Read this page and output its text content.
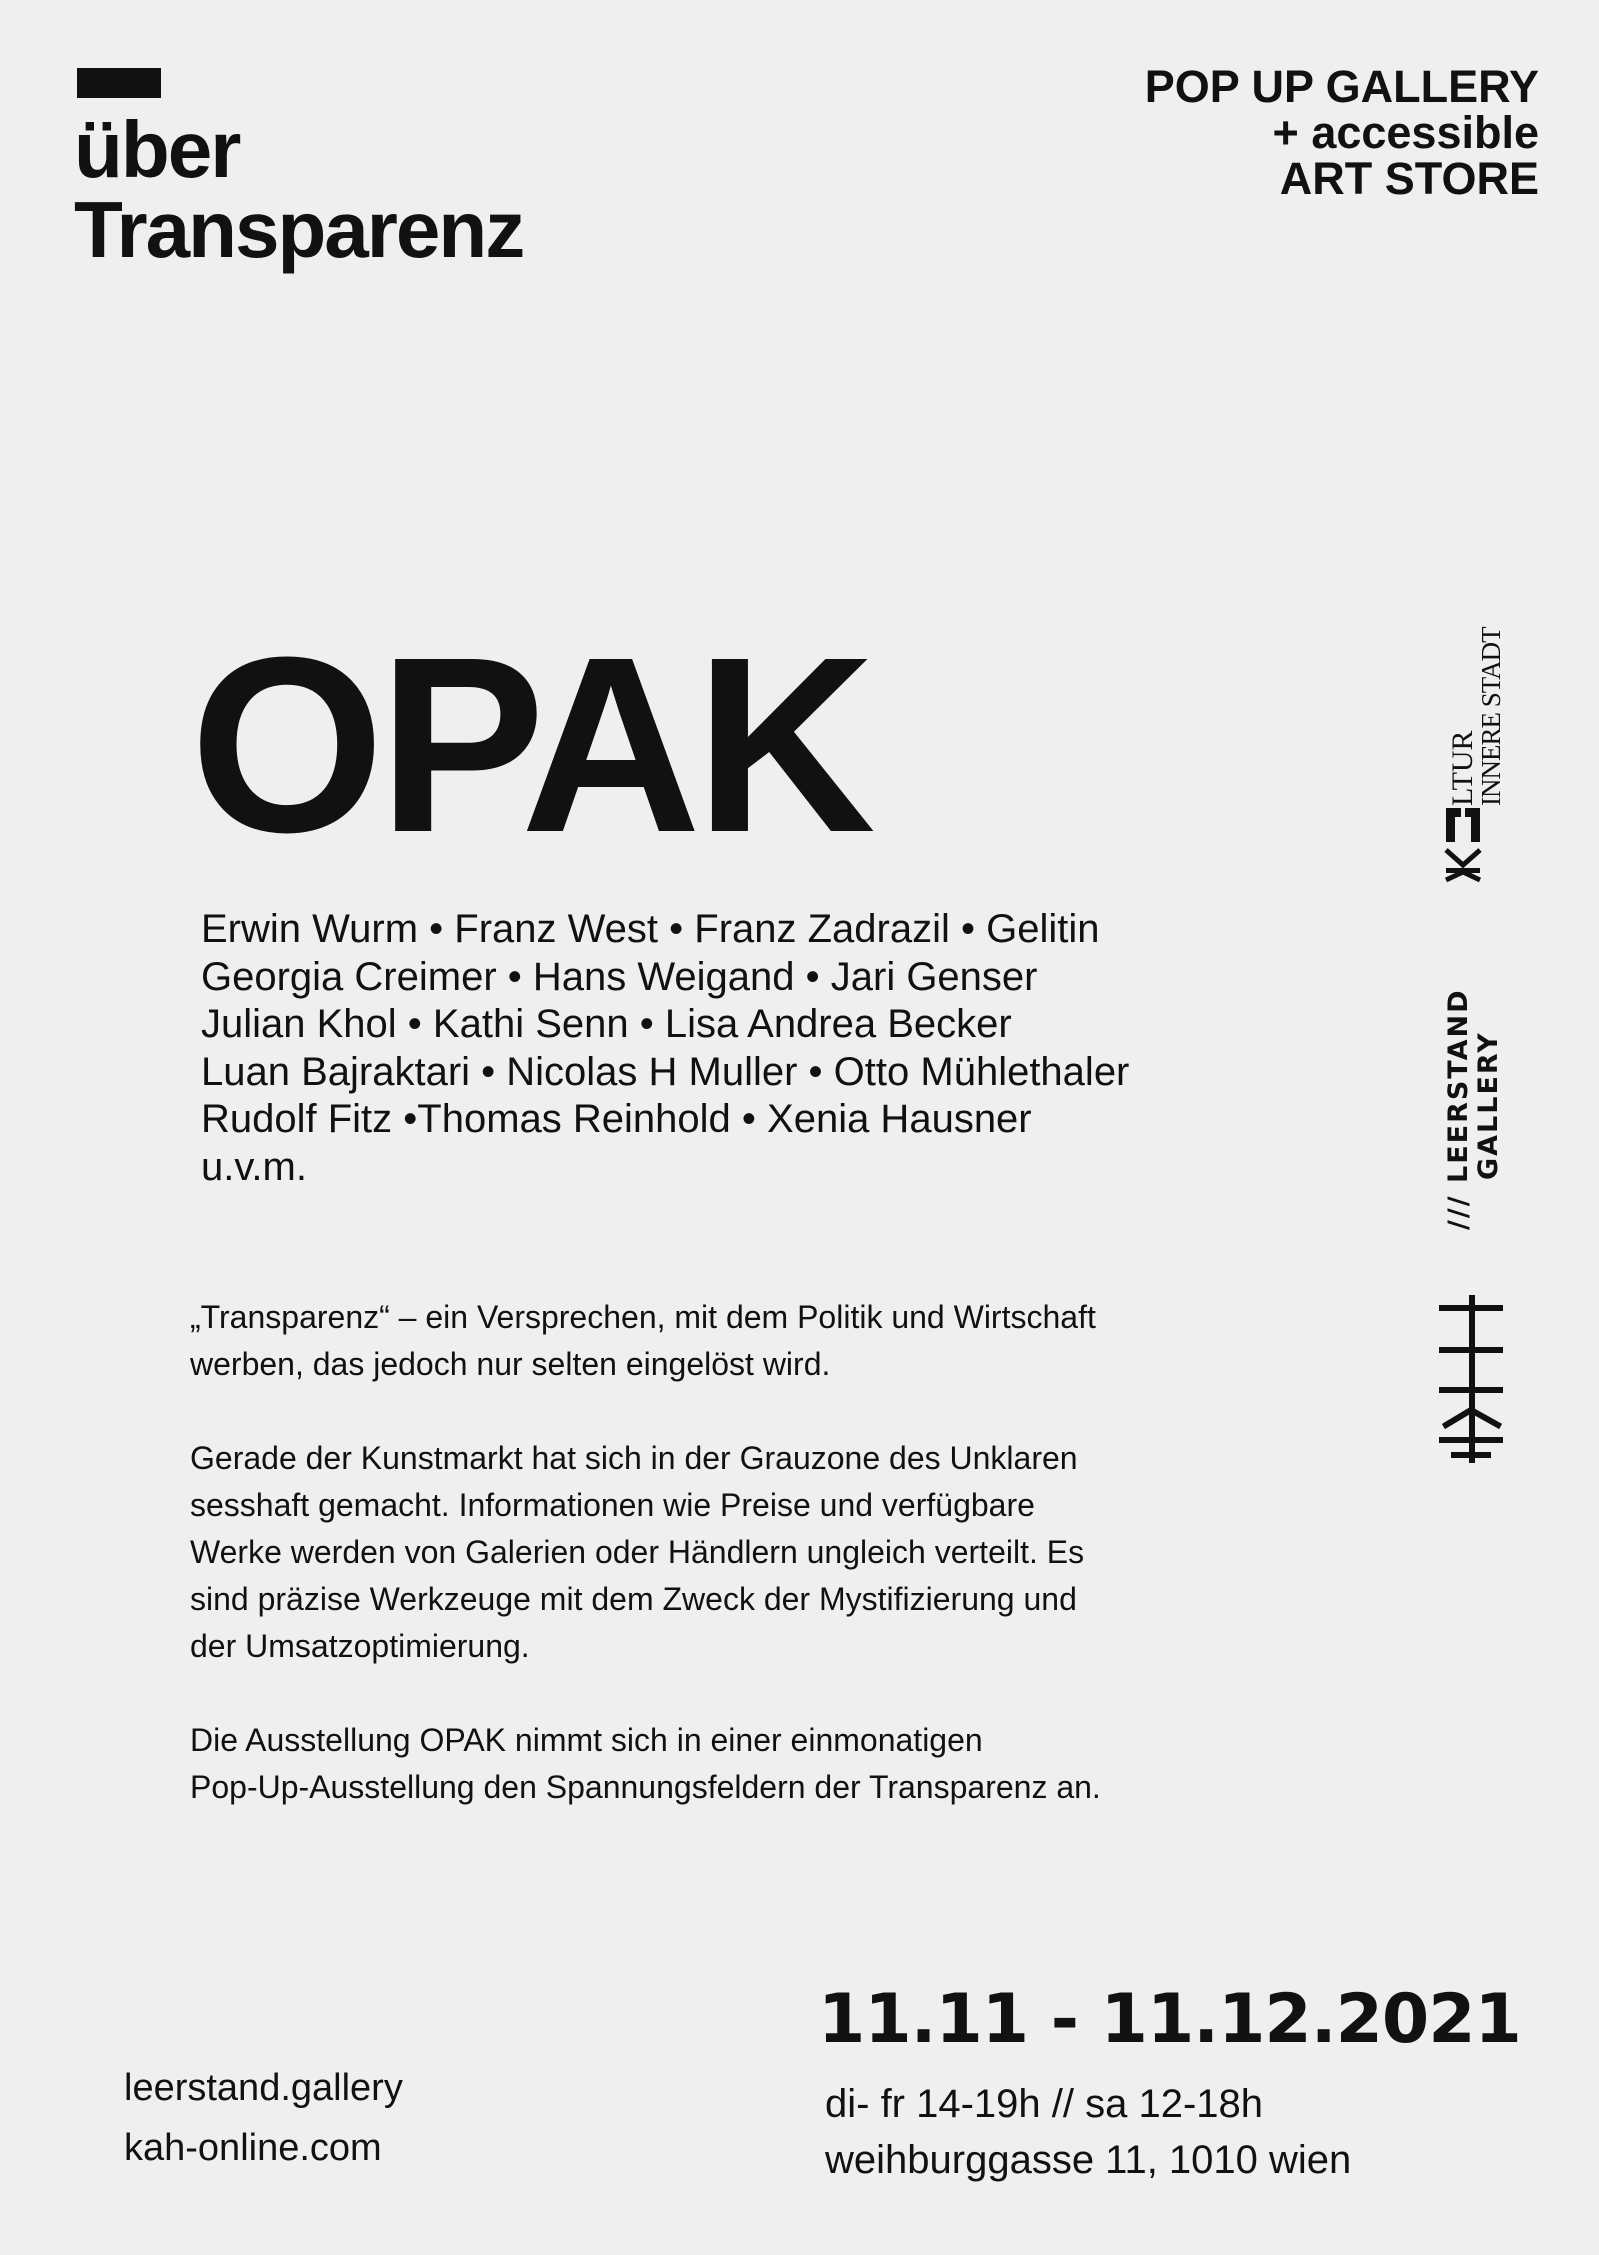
über
Transparenz
POP UP GALLERY
+ accessible
ART STORE
OPAK
Erwin Wurm • Franz West • Franz Zadrazil • Gelitin
Georgia Creimer • Hans Weigand • Jari Genser
Julian Khol • Kathi Senn • Lisa Andrea Becker
Luan Bajraktari • Nicolas H Muller • Otto Mühlethaler
Rudolf Fitz •Thomas Reinhold • Xenia Hausner
u.v.m.

„Transparenz“ – ein Versprechen, mit dem Politik und Wirtschaft
werben, das jedoch nur selten eingelöst wird.

Gerade der Kunstmarkt hat sich in der Grauzone des Unklaren
sesshaft gemacht. Informationen wie Preise und verfügbare
Werke werden von Galerien oder Händlern ungleich verteilt. Es
sind präzise Werkzeuge mit dem Zweck der Mystifizierung und
der Umsatzoptimierung.

Die Ausstellung OPAK nimmt sich in einer einmonatigen
Pop-Up-Ausstellung den Spannungsfeldern der Transparenz an.

11.11 - 11.12.2021
di- fr 14-19h // sa 12-18h
weihburggasse 11, 1010 wien
leerstand.gallery
kah-online.com
LTUR
INNERE STADT
/// LEERSTAND GALLERY
